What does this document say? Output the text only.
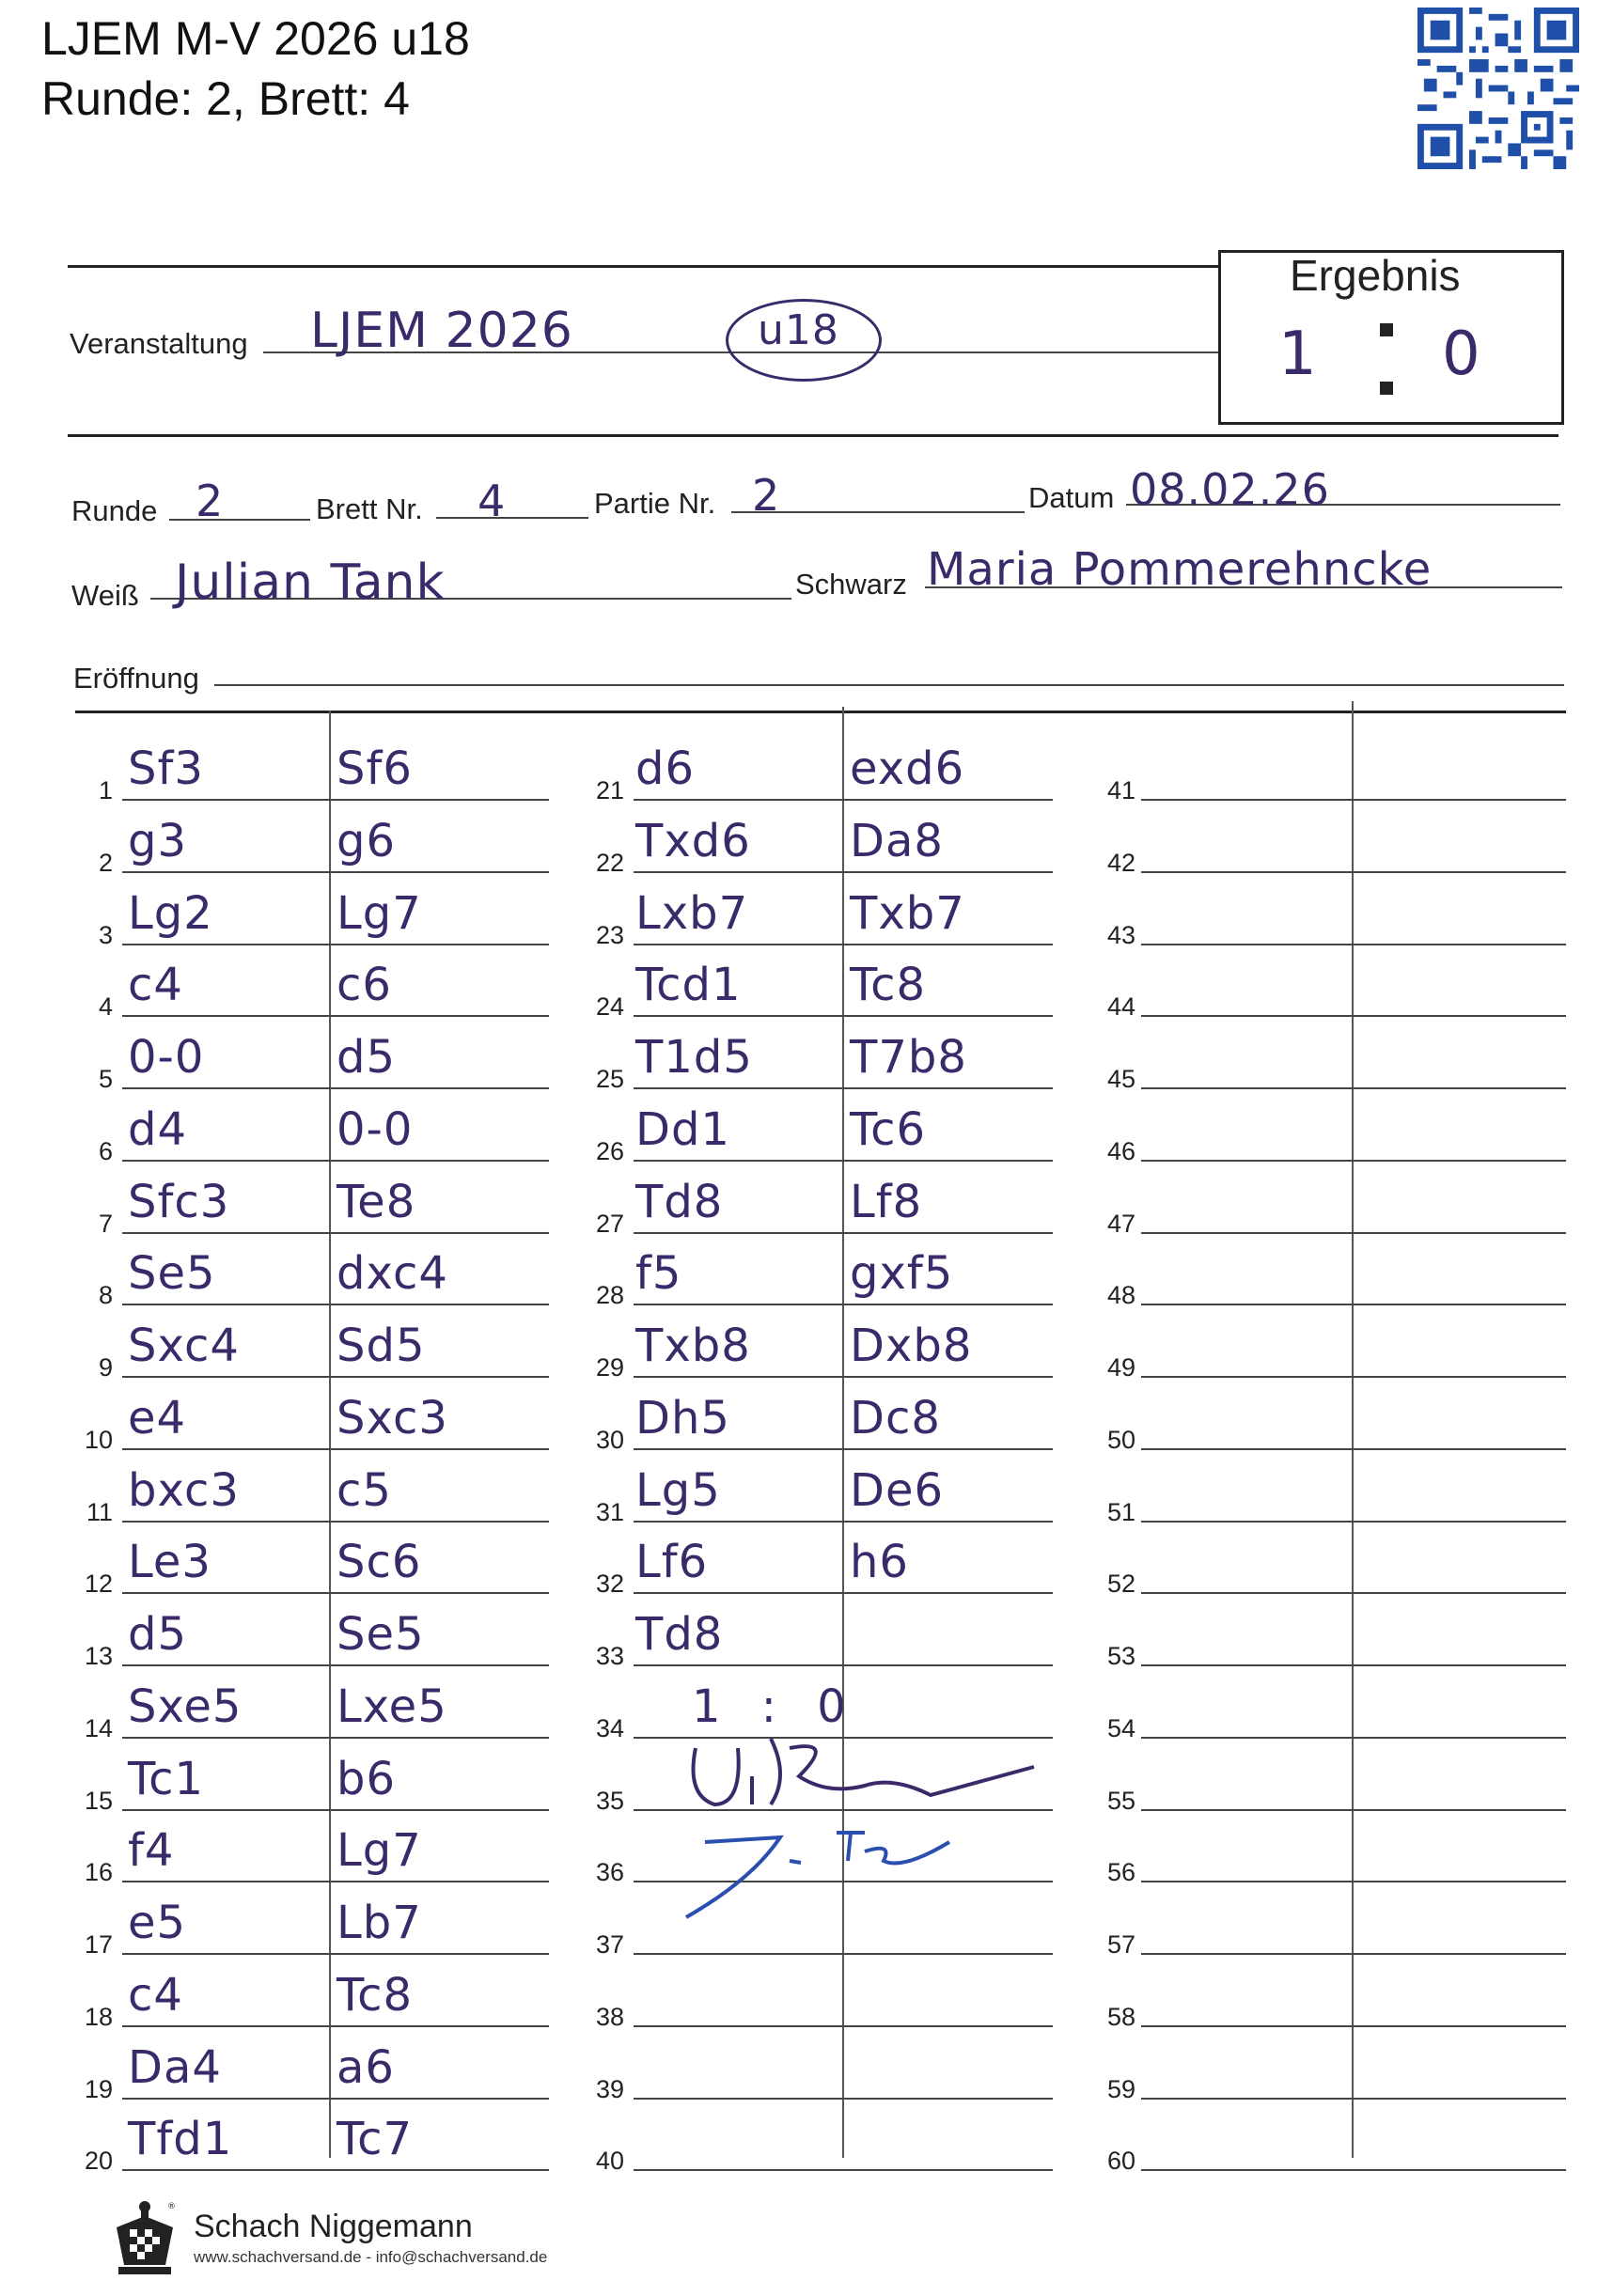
LJEM M-V 2026 u18
Runde: 2, Brett: 4
Ergebnis
1 0
Veranstaltung LJEM 2026	u18
Runde 2	Brett Nr. 4	Partie Nr. 2	Datum 08.02.26
Weiß Julian Tank	Schwarz Maria Pommerehncke
Eröffnung
1 Sf3	Sf6
2 g3	g6
3 Lg2	Lg7
4 c4	c6
5 0-0	d5
6 d4	0-0
7 Sfc3 Te8
8 Se5	dxc4
9 Sxc4 Sd5
10 e4	Sxc3
11 bxc3 c5
12 Le3	Sc6
13 d5	Se5
14 Sxe5 Lxe5
15 Tc1	b6
16 f4	Lg7
17 e5	Lb7
18 c4	Tc8
19 Da4	a6
20 Tfd1 Tc7
21 d6	exd6
22 Txd6 Da8
23 Lxb7 Txb7
24 Tcd1 Tc8
25 T1d5 T7b8
26 Dd1	Tc6
27 Td8	Lf8
28 f5	gxf5
29 Txb8 Dxb8
30 Dh5	Dc8
31 Lg5	De6
32 Lf6	h6
33 Td8
34 1 : 0
35
36
37
38
39
40
41
42
43
44
45
46
47
48
49
50
51
52
53
54
55
56
57
58
59
60
®
Schach Niggemann
www.schachversand.de - info@schachversand.de
